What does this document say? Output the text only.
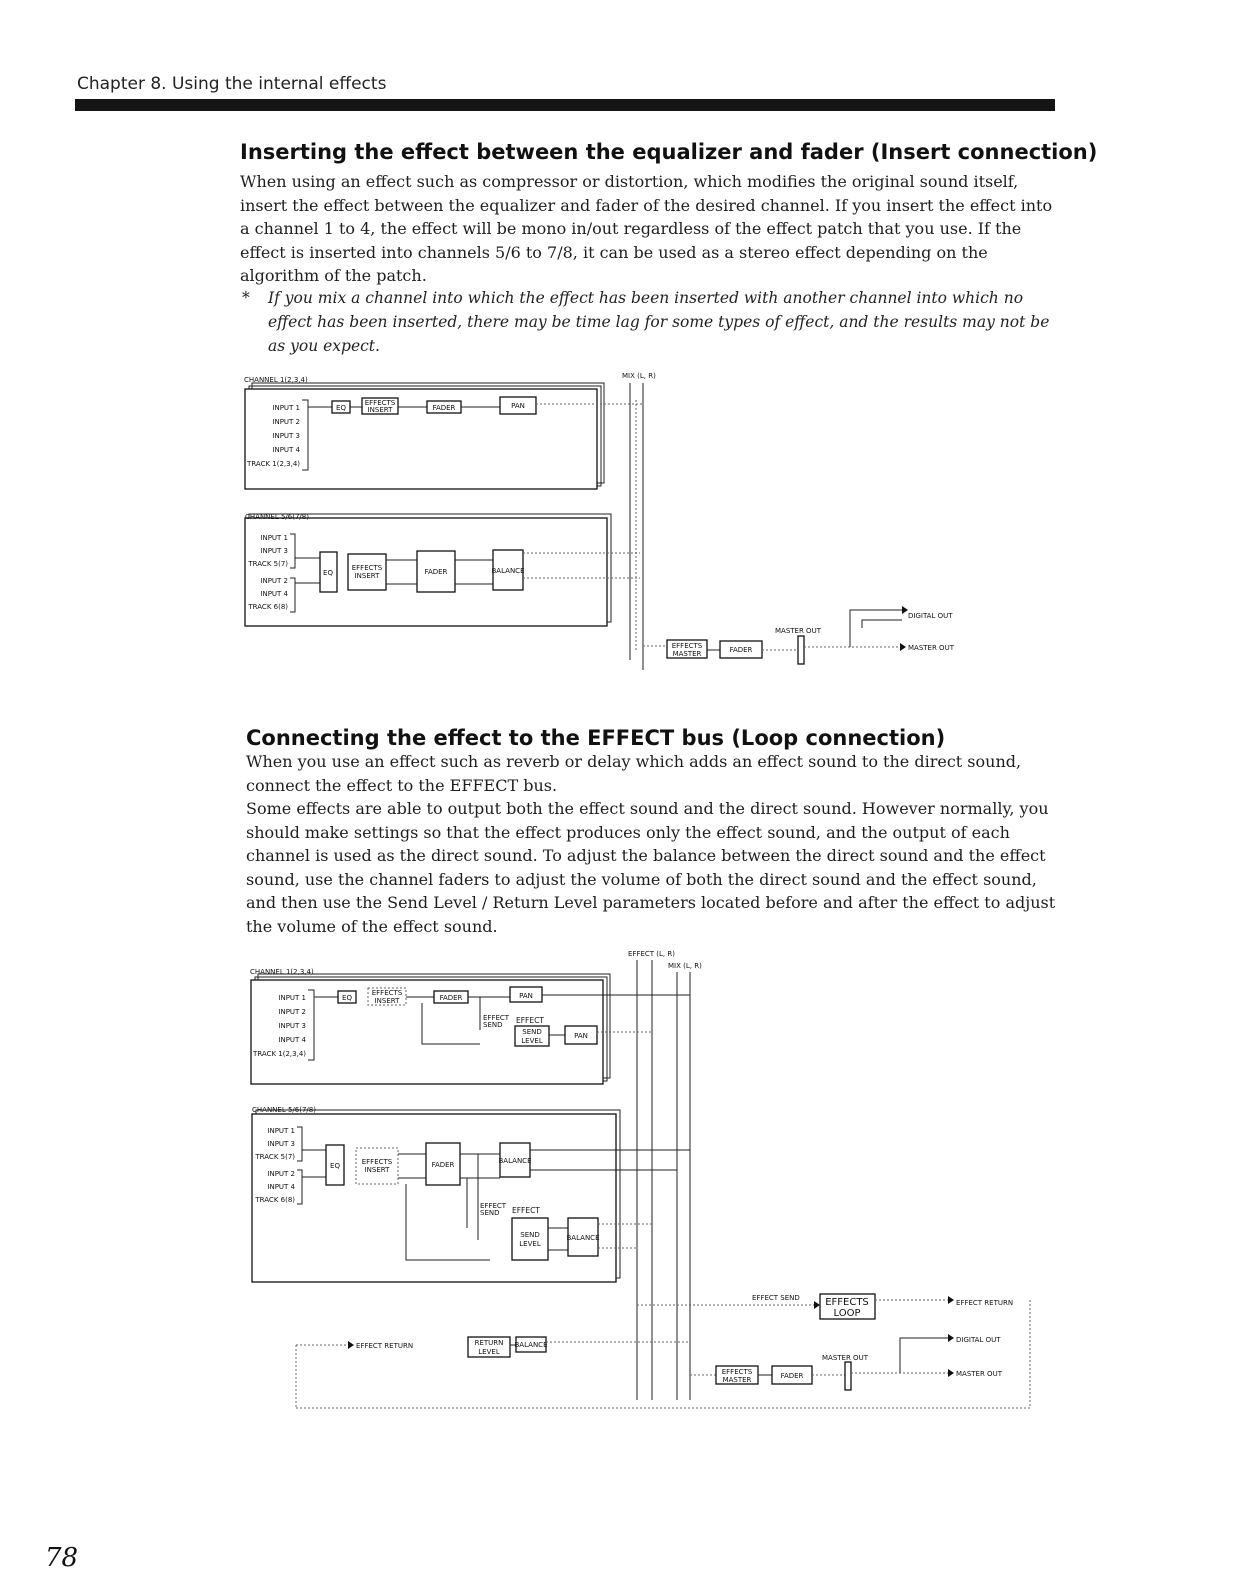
Chapter 8. Using the internal effects
Inserting the effect between the equalizer and fader (Insert connection)

When using an effect such as compressor or distortion, which modifies the original sound itself, insert the effect between the equalizer and fader of the desired channel. If you insert the effect into a channel 1 to 4, the effect will be mono in/out regardless of the effect patch that you use. If the effect is inserted into channels 5/6 to 7/8, it can be used as a stereo effect depending on the algorithm of the patch.

* If you mix a channel into which the effect has been inserted with another channel into which no effect has been inserted, there may be time lag for some types of effect, and the results may not be as you expect.
CHANNEL 1(2,3,4)
INPUT 1
INPUT 2
INPUT 3
INPUT 4
TRACK 1(2,3,4)
EQ
EFFECTS
INSERT	FADER	PAN
CHANNEL 5/6(7/8)
INPUT 1
INPUT 3
TRACK 5(7)
INPUT 2
INPUT 4
TRACK 6(8)
EQ
EFFECTS
INSERT	FADER	BALANCE
MIX (L, R)
EFFECTS
MASTER	FADER
MASTER OUT
DIGITAL OUT
MASTER OUT
Connecting the effect to the EFFECT bus (Loop connection)

When you use an effect such as reverb or delay which adds an effect sound to the direct sound, connect the effect to the EFFECT bus.

Some effects are able to output both the effect sound and the direct sound. However normally, you should make settings so that the effect produces only the effect sound, and the output of each channel is used as the direct sound. To adjust the balance between the direct sound and the effect sound, use the channel faders to adjust the volume of both the direct sound and the effect sound, and then use the Send Level / Return Level parameters located before and after the effect to adjust the volume of the effect sound.

EFFECT (L, R)
MIX (L, R)
CHANNEL 1(2,3,4)
INPUT 1
INPUT 2
INPUT 3
INPUT 4
TRACK 1(2,3,4)
EQ
EFFECTS
INSERT	FADER	PAN
EFFECT
SEND EFFECT
SEND
LEVEL
PAN
CHANNEL 5/6(7/8)
INPUT 1
INPUT 3
TRACK 5(7)
INPUT 2
INPUT 4
TRACK 6(8)
EQ	EFFECTS
INSERT
FADER	BALANCE
EFFECT
SEND EFFECT
SEND
LEVEL
BALANCE
EFFECT SEND	EFFECTS
LOOP
EFFECT RETURN
EFFECT RETURN	RETURN
LEVEL
BALANCE
EFFECTS
MASTER	FADER
MASTER OUT
DIGITAL OUT
MASTER OUT
78
